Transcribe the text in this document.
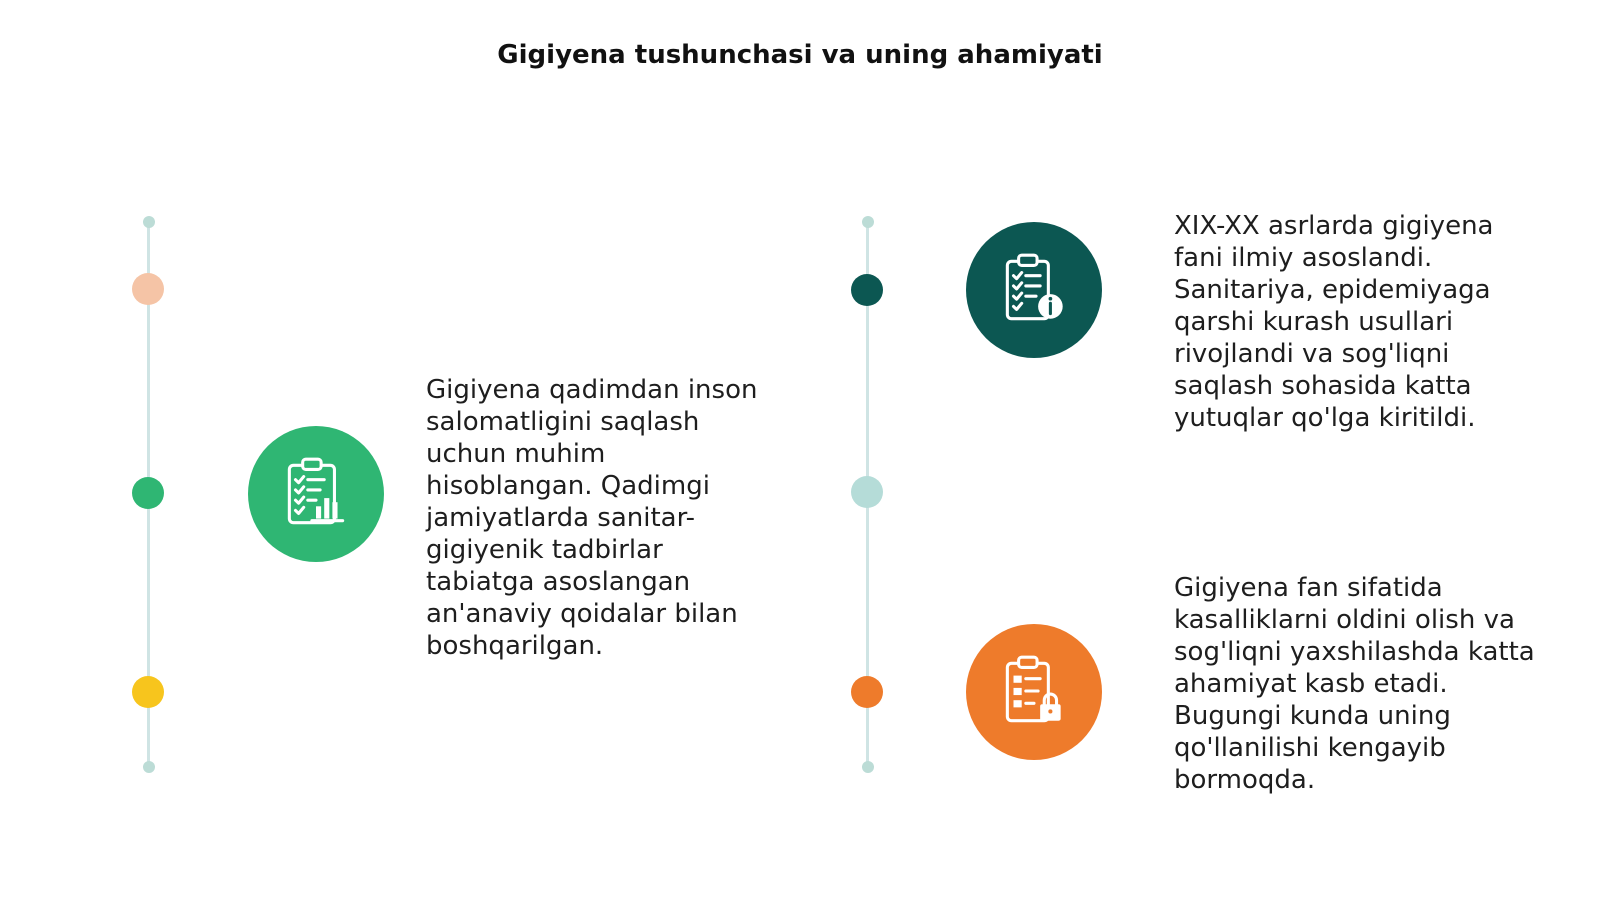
Gigiyena tushunchasi va uning ahamiyati
Gigiyena qadimdan inson salomatligini saqlash uchun muhim hisoblangan. Qadimgi jamiyatlarda sanitar-gigiyenik tadbirlar tabiatga asoslangan an'anaviy qoidalar bilan boshqarilgan.
XIX-XX asrlarda gigiyena fani ilmiy asoslandi. Sanitariya, epidemiyaga qarshi kurash usullari rivojlandi va sog'liqni saqlash sohasida katta yutuqlar qo'lga kiritildi.
Gigiyena fan sifatida kasalliklarni oldini olish va sog'liqni yaxshilashda katta ahamiyat kasb etadi. Bugungi kunda uning qo'llanilishi kengayib bormoqda.
